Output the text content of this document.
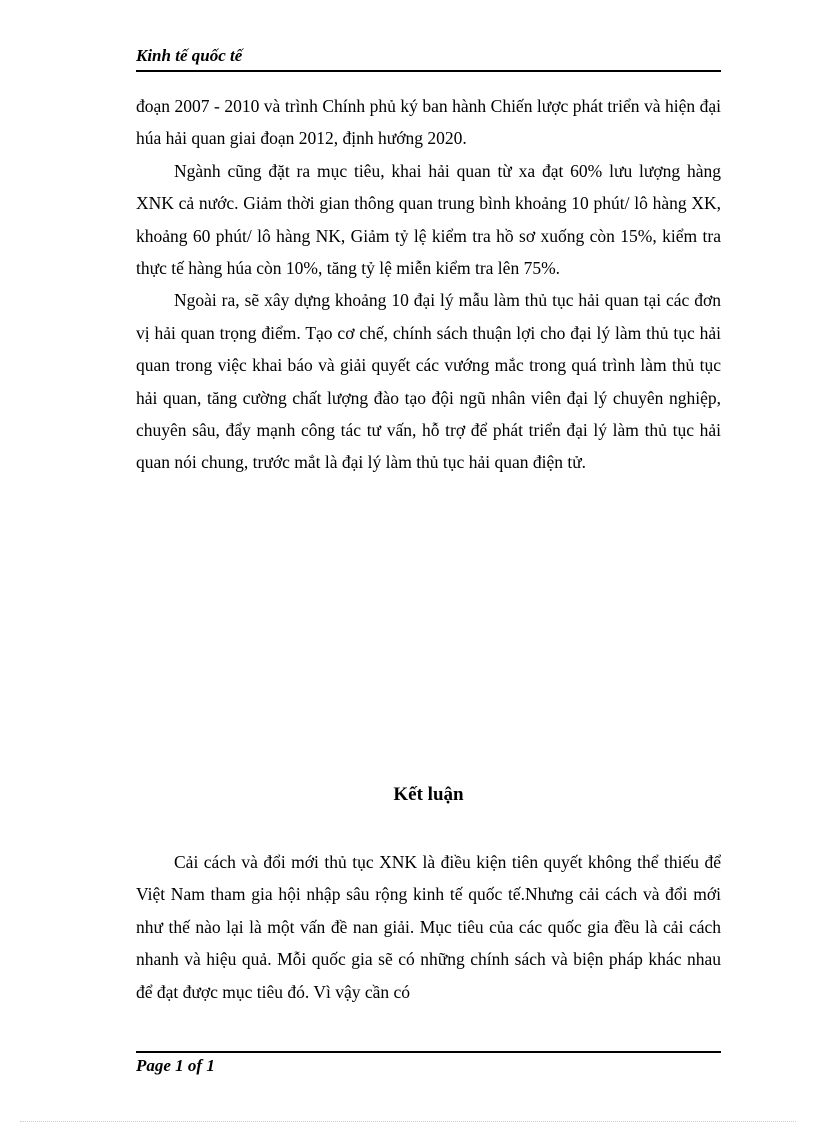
Kinh tế quốc tế

đoạn 2007 - 2010 và trình Chính phủ ký ban hành Chiến lược phát triển và hiện đại húa hải quan giai đoạn 2012, định hướng 2020.

Ngành cũng đặt ra mục tiêu, khai hải quan từ xa đạt 60% lưu lượng hàng XNK cả nước. Giảm thời gian thông quan trung bình khoảng 10 phút/ lô hàng XK, khoảng 60 phút/ lô hàng NK, Giảm tỷ lệ kiểm tra hồ sơ xuống còn 15%, kiểm tra thực tế hàng húa còn 10%, tăng tỷ lệ miễn kiểm tra lên 75%.

Ngoài ra, sẽ xây dựng khoảng 10 đại lý mẫu làm thủ tục hải quan tại các đơn vị hải quan trọng điểm. Tạo cơ chế, chính sách thuận lợi cho đại lý làm thủ tục hải quan trong việc khai báo và giải quyết các vướng mắc trong quá trình làm thủ tục hải quan, tăng cường chất lượng đào tạo đội ngũ nhân viên đại lý chuyên nghiệp, chuyên sâu, đẩy mạnh công tác tư vấn, hỗ trợ để phát triển đại lý làm thủ tục hải quan nói chung, trước mắt là đại lý làm thủ tục hải quan điện tử.

Kết luận

Cải cách và đổi mới thủ tục XNK là điều kiện tiên quyết không thể thiếu để Việt Nam tham gia hội nhập sâu rộng kinh tế quốc tế.Nhưng cải cách và đổi mới như thế nào lại là một vấn đề nan giải. Mục tiêu của các quốc gia đều là cải cách nhanh và hiệu quả. Mỗi quốc gia sẽ có những chính sách và biện pháp khác nhau để đạt được mục tiêu đó. Vì vậy cần có

Page 1 of 1
